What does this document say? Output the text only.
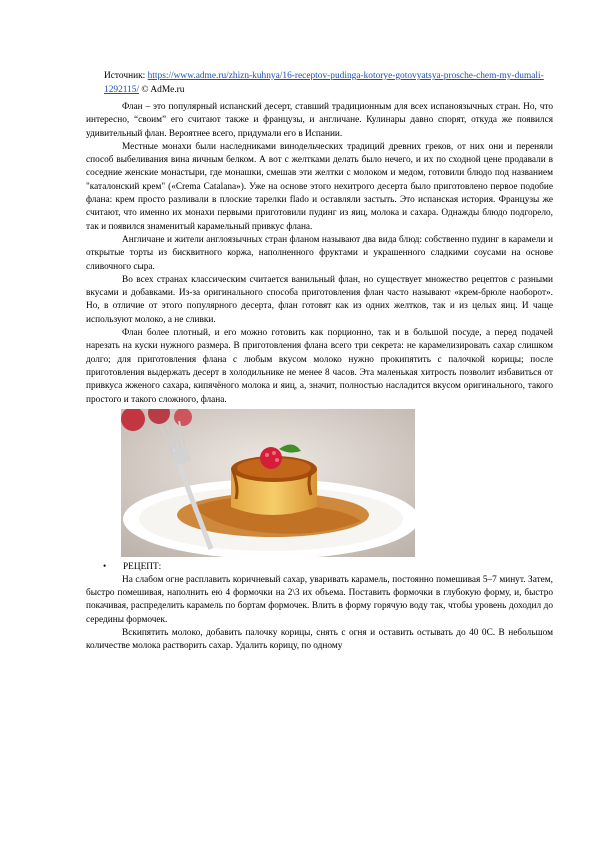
Источник: https://www.adme.ru/zhizn-kuhnya/16-receptov-pudinga-kotorye-gotovyatsya-prosche-chem-my-dumali-1292115/ © AdMe.ru

Флан – это популярный испанский десерт, ставший традиционным для всех испаноязычных стран. Но, что интересно, “своим” его считают также и французы, и англичане. Кулинары давно спорят, откуда же появился удивительный флан. Вероятнее всего, придумали его в Испании.

Местные монахи были наследниками винодельческих традиций древних греков, от них они и переняли способ выбеливания вина яичным белком. А вот с желтками делать было нечего, и их по сходной цене продавали в соседние женские монастыри, где монашки, смешав эти желтки с молоком и медом, готовили блюдо под названием "каталонский крем" («Crema Catalana»). Уже на основе этого нехитрого десерта было приготовлено первое подобие флана: крем просто разливали в плоские тарелки flado и оставляли застыть. Это испанская история. Французы же считают, что именно их монахи первыми приготовили пудинг из яиц, молока и сахара. Однажды блюдо подгорело, так и появился знаменитый карамельный привкус флана.

Англичане и жители англоязычных стран фланом называют два вида блюд: собственно пудинг в карамели и открытые торты из бисквитного коржа, наполненного фруктами и украшенного сладкими соусами на основе сливочного сыра.

Во всех странах классическим считается ванильный флан, но существует множество рецептов с разными вкусами и добавками. Из-за оригинального способа приготовления флан часто называют «крем-брюле наоборот». Но, в отличие от этого популярного десерта, флан готовят как из одних желтков, так и из целых яиц. И чаще используют молоко, а не сливки.

Флан более плотный, и его можно готовить как порционно, так и в большой посуде, а перед подачей нарезать на куски нужного размера. В приготовления флана всего три секрета: не карамелизировать сахар слишком долго; для приготовления флана с любым вкусом молоко нужно прокипятить с палочкой корицы; после приготовления выдержать десерт в холодильнике не менее 8 часов. Эта маленькая хитрость позволит избавиться от привкуса жженого сахара, кипячёного молока и яиц, а, значит, полностью насладится вкусом оригинального, такого простого и такого сложного, флана.

• РЕЦЕПТ:

На слабом огне расплавить коричневый сахар, уваривать карамель, постоянно помешивая 5–7 минут. Затем, быстро помешивая, наполнить ею 4 формочки на 2\3 их объема. Поставить формочки в глубокую форму, и, быстро покачивая, распределить карамель по бортам формочек. Влить в форму горячую воду так, чтобы уровень доходил до середины формочек.

Вскипятить молоко, добавить палочку корицы, снять с огня и оставить остывать до 40 0С. В небольшом количестве молока растворить сахар. Удалить корицу, по одному
